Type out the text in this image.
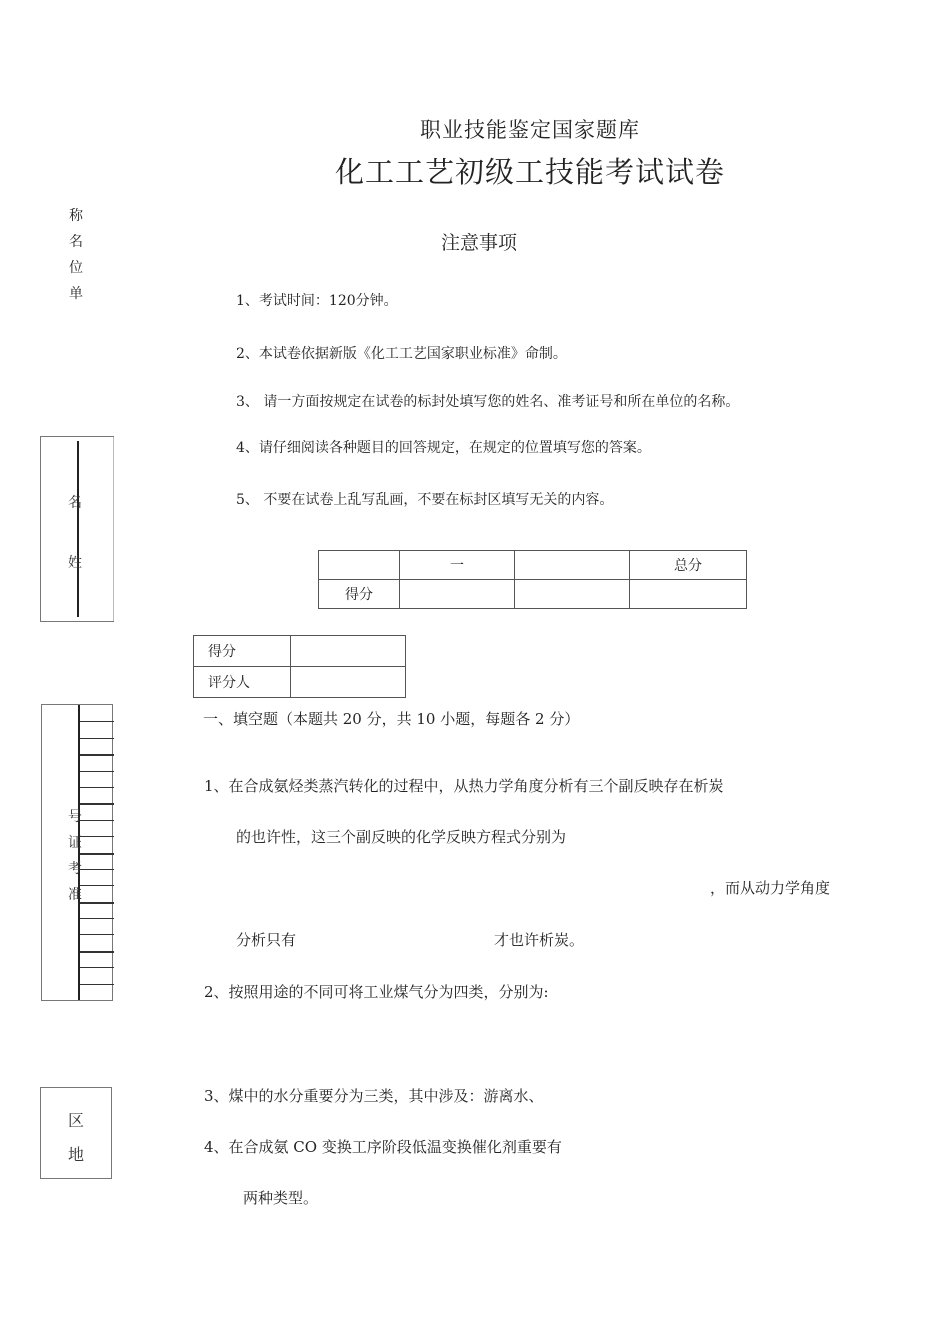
职业技能鉴定国家题库
化工工艺初级工技能考试试卷
注意事项
称
名
位
单
名
姓
号
证
考
准
区
地
1、考试时间：120分钟。
2、本试卷依据新版《化工工艺国家职业标准》命制。
3、 请一方面按规定在试卷的标封处填写您的姓名、准考证号和所在单位的名称。
4、请仔细阅读各种题目的回答规定，在规定的位置填写您的答案。
5、 不要在试卷上乱写乱画，不要在标封区填写无关的内容。
	一		总分
得分			
得分	
评分人	
一、填空题（本题共 20 分，共 10 小题，每题各 2 分）
1、在合成氨烃类蒸汽转化的过程中，从热力学角度分析有三个副反映存在析炭
的也许性，这三个副反映的化学反映方程式分别为
，而从动力学角度
分析只有	才也许析炭。
2、按照用途的不同可将工业煤气分为四类，分别为:
3、煤中的水分重要分为三类，其中涉及：游离水、
4、在合成氨 CO 变换工序阶段低温变换催化剂重要有
两种类型。
